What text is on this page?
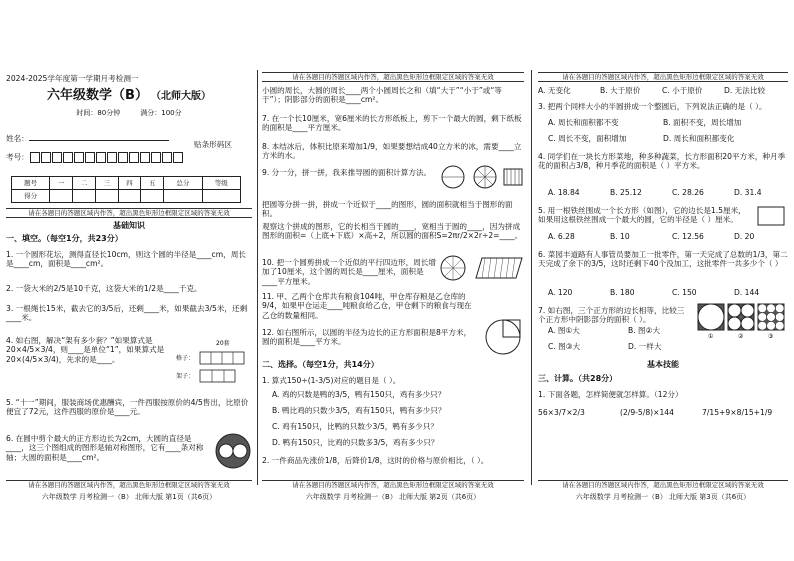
2024-2025学年度第一学期月考检测一
六年级数学（B） （北师大版）
时间：80分钟	满分：100分
姓名：
考号：
贴条形码区
题号	一	二	三	四	五	总分	等级
得分							
请在各题目的答题区域内作答，超出黑色矩形边框限定区域的答案无效
基础知识
一、填空。（每空1分，共23分）
1. 一个圆形花坛，测得直径长10cm，则这个圆的半径是____cm，周长是____cm，面积是____cm²。
2. 一袋大米的2/5是10千克，这袋大米的1/2是____千克。
3. 一根绳长15米，截去它的3/5后，还剩____米，如果截去3/5米，还剩____米。
4. 如右图，解决“架有多少套？”如果算式是20×4/5×3/4，则____是单位“1”，如果算式是20×(4/5×3/4)，先求的是____。
20套
格子：
架子：
5. “十一”期间，服装商场优惠酬宾，一件西服按原价的4/5售出，比原价便宜了72元，这件西服的原价是____元。
6. 在圆中剪个最大的正方形边长为2cm，大圆的直径是____，这三个图组成的图形是轴对称图形，它有____条对称轴；大圆的面积是____cm²。
请在各题目的答题区域内作答，超出黑色矩形边框限定区域的答案无效
六年级数学 月考检测一（B） 北师大版 第1页（共6页）
请在各题目的答题区域内作答，超出黑色矩形边框限定区域的答案无效
小圆的周长，大圆的周长____两个小圆周长之和（填“大于”“小于”或“等于”）；阴影部分的面积是____cm²。
7. 在一个长10厘米，宽6厘米的长方形纸板上，剪下一个最大的圆，剩下纸板的面积是____平方厘米。
8. 本结冰后，体积比原来增加1/9，如果要想结成40立方米的冰，需要____立方米的水。
9. 分一分，拼一拼，我来推导圆的面积计算方法。
把圆等分拼一拼，拼成一个近似于____的图形，圆的面积就相当于图形的面积。
观察这个拼成的图形，它的长相当于圆的____，宽相当于圆的____，因为拼成图形的面积=（上底+下底）×高÷2，所以圆的面积S=2πr/2×2r÷2=____。
10. 把一个圆剪拼成一个近似的平行四边形，周长增加了10厘米，这个圆的周长是____厘米，面积是____平方厘米。
11. 甲、乙两个仓库共有粮食104吨，甲仓库存粮是乙仓库的9/4，如果甲仓运走____吨粮食给乙仓，甲仓剩下的粮食与现在乙仓的数量相同。
12. 如右图所示，以圆的半径为边长的正方形面积是8平方米，圆的面积是____平方米。
二、选择。（每空1分，共14分）
1. 算式150÷(1-3/5)对应的题目是（ ）。
A. 鸡的只数是鸭的3/5，鸭有150只，鸡有多少只？
B. 鸭比鸡的只数少3/5，鸡有150只，鸭有多少只？
C. 鸡有150只，比鸭的只数少3/5，鸭有多少只？
D. 鸭有150只，比鸡的只数多3/5，鸡有多少只？
2. 一件商品先涨价1/8，后降价1/8，这时的价格与原价相比，（ ）。
请在各题目的答题区域内作答，超出黑色矩形边框限定区域的答案无效
六年级数学 月考检测一（B） 北师大版 第2页（共6页）
请在各题目的答题区域内作答，超出黑色矩形边框限定区域的答案无效
A. 无变化	B. 大于原价	C. 小于原价	D. 无法比较
3. 把两个同样大小的半圆拼成一个整圆后，下列说法正确的是（ ）。
A. 周长和面积都不变	B. 面积不变，周长增加
C. 周长不变，面积增加	D. 周长和面积都变化
4. 同学们在一块长方形菜地，种多种蔬菜，长方形面积20平方米，种月季花的面积占3/8，种月季花的面积是（ ）平方米。
A. 18.84	B. 25.12	C. 28.26	D. 31.4
5. 用一根铁丝围成一个长方形（如图），它的边长是1.5厘米，如果用这根铁丝围成一个最大的圆，它的半径是（ ）厘米。
A. 6.28	B. 10	C. 12.56	D. 20
6. 菜园丰道路有人事管员要加工一批零件，第一天完成了总数的1/3，第二天完成了余下的3/5，这时还剩下40个没加工，这批零件一共多少个（ ）
A. 120	B. 180	C. 150	D. 144
7. 如右图，三个正方形的边长相等，比较三个正方形中阴影部分的面积（ ）。
①	②	③
A. 图①大	B. 图②大
C. 图③大	D. 一样大
基本技能
三、计算。（共28分）
1. 下面各题，怎样简便就怎样算。（12分）
56×3/7×2/3	(2/9-5/8)×144	7/15+9×8/15+1/9
请在各题目的答题区域内作答，超出黑色矩形边框限定区域的答案无效
六年级数学 月考检测一（B） 北师大版 第3页（共6页）
